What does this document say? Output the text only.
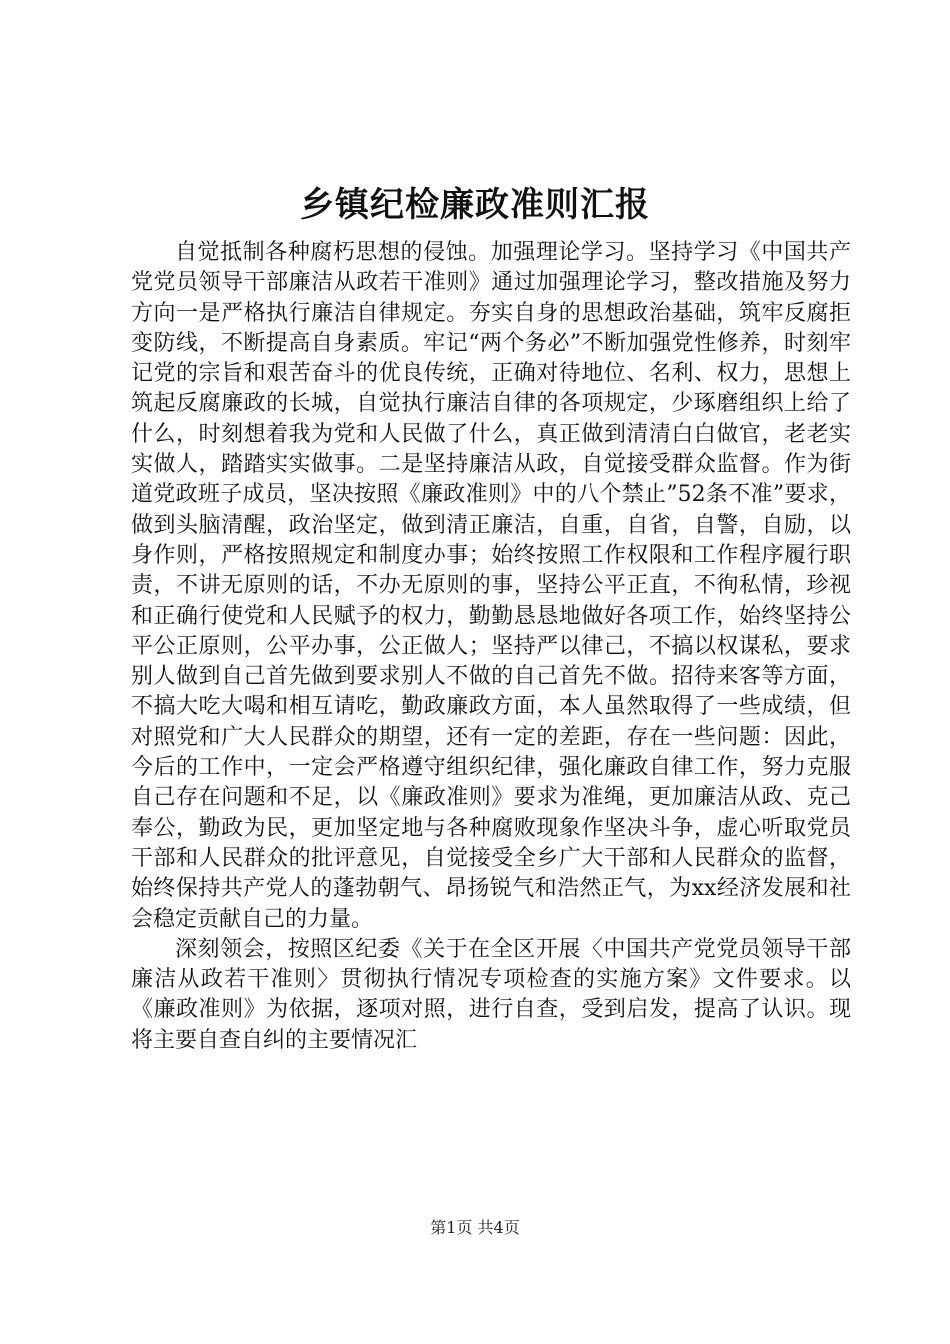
乡镇纪检廉政准则汇报

自觉抵制各种腐朽思想的侵蚀。加强理论学习。坚持学习《中国共产党党员领导干部廉洁从政若干准则》通过加强理论学习，整改措施及努力方向一是严格执行廉洁自律规定。夯实自身的思想政治基础，筑牢反腐拒变防线，不断提高自身素质。牢记“两个务必”不断加强党性修养，时刻牢记党的宗旨和艰苦奋斗的优良传统，正确对待地位、名利、权力，思想上筑起反腐廉政的长城，自觉执行廉洁自律的各项规定，少琢磨组织上给了什么，时刻想着我为党和人民做了什么，真正做到清清白白做官，老老实实做人，踏踏实实做事。二是坚持廉洁从政，自觉接受群众监督。作为街道党政班子成员，坚决按照《廉政准则》中的八个禁止”52条不准”要求，做到头脑清醒，政治坚定，做到清正廉洁，自重，自省，自警，自励，以身作则，严格按照规定和制度办事；始终按照工作权限和工作程序履行职责，不讲无原则的话，不办无原则的事，坚持公平正直，不徇私情，珍视和正确行使党和人民赋予的权力，勤勤恳恳地做好各项工作，始终坚持公平公正原则，公平办事，公正做人；坚持严以律己，不搞以权谋私，要求别人做到自己首先做到要求别人不做的自己首先不做。招待来客等方面，不搞大吃大喝和相互请吃，勤政廉政方面，本人虽然取得了一些成绩，但对照党和广大人民群众的期望，还有一定的差距，存在一些问题：因此，今后的工作中，一定会严格遵守组织纪律，强化廉政自律工作，努力克服自己存在问题和不足，以《廉政准则》要求为准绳，更加廉洁从政、克己奉公，勤政为民，更加坚定地与各种腐败现象作坚决斗争，虚心听取党员干部和人民群众的批评意见，自觉接受全乡广大干部和人民群众的监督，始终保持共产党人的蓬勃朝气、昂扬锐气和浩然正气，为xx经济发展和社会稳定贡献自己的力量。

深刻领会，按照区纪委《关于在全区开展〈中国共产党党员领导干部廉洁从政若干准则〉贯彻执行情况专项检查的实施方案》文件要求。以《廉政准则》为依据，逐项对照，进行自查，受到启发，提高了认识。现将主要自查自纠的主要情况汇

第1页 共4页
